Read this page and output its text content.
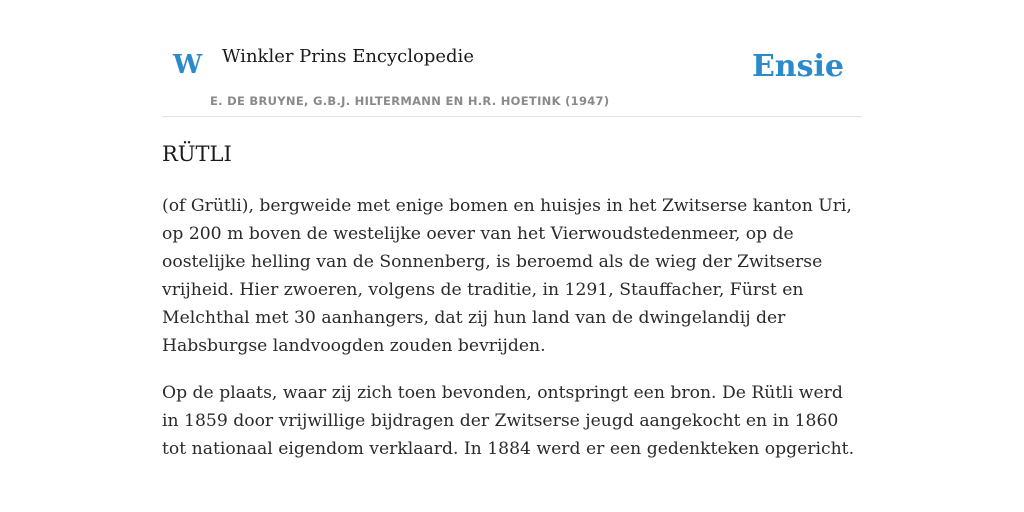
W Winkler Prins Encyclopedie
E. DE BRUYNE, G.B.J. HILTERMANN EN H.R. HOETINK (1947)
Ensie
RÜTLI

(of Grütli), bergweide met enige bomen en huisjes in het Zwitserse kanton Uri, op 200 m boven de westelijke oever van het Vierwoudstedenmeer, op de oostelijke helling van de Sonnenberg, is beroemd als de wieg der Zwitserse vrijheid. Hier zwoeren, volgens de traditie, in 1291, Stauffacher, Fürst en Melchthal met 30 aanhangers, dat zij hun land van de dwingelandij der Habsburgse landvoogden zouden bevrijden.

Op de plaats, waar zij zich toen bevonden, ontspringt een bron. De Rütli werd in 1859 door vrijwillige bijdragen der Zwitserse jeugd aangekocht en in 1860 tot nationaal eigendom verklaard. In 1884 werd er een gedenkteken opgericht.
